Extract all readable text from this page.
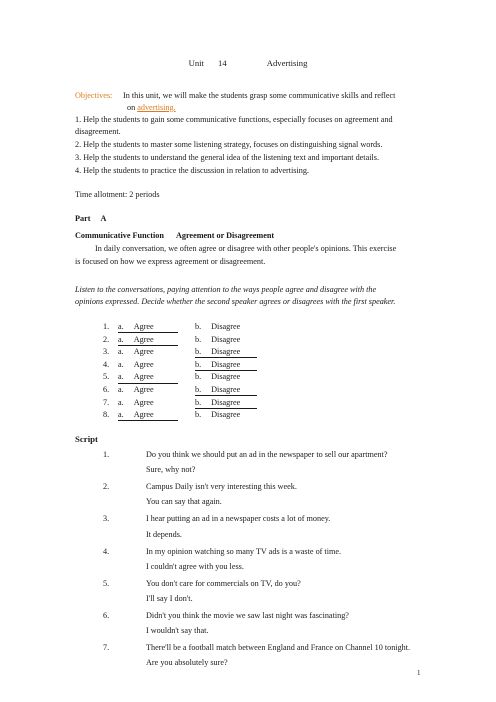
Unit 14	Advertising
Objectives: In this unit, we will make the students grasp some communicative skills and reflect
on advertising.
1. Help the students to gain some communicative functions, especially focuses on agreement and
disagreement.
2. Help the students to master some listening strategy, focuses on distinguishing signal words.
3. Help the students to understand the general idea of the listening text and important details.
4. Help the students to practice the discussion in relation to advertising.
Time allotment: 2 periods
Part A
Communicative Function Agreement or Disagreement
In daily conversation, we often agree or disagree with other people's opinions. This exercise
is focused on how we express agreement or disagreement.
Listen to the conversations, paying attention to the ways people agree and disagree with the
opinions expressed. Decide whether the second speaker agrees or disagrees with the first speaker.
1. a. Agree	b. Disagree
2. a. Agree	b. Disagree
3. a. Agree	b. Disagree
4. a. Agree	b. Disagree
5. a. Agree	b. Disagree
6. a. Agree	b. Disagree
7. a. Agree	b. Disagree
8. a. Agree	b. Disagree
Script
1.	Do you think we should put an ad in the newspaper to sell our apartment?
Sure, why not?
2.	Campus Daily isn't very interesting this week.
You can say that again.
3.	I hear putting an ad in a newspaper costs a lot of money.
It depends.
4.	In my opinion watching so many TV ads is a waste of time.
I couldn't agree with you less.
5.	You don't care for commercials on TV, do you?
I'll say I don't.
6.	Didn't you think the movie we saw last night was fascinating?
I wouldn't say that.
7.	There'll be a football match between England and France on Channel 10 tonight.
Are you absolutely sure?
1
